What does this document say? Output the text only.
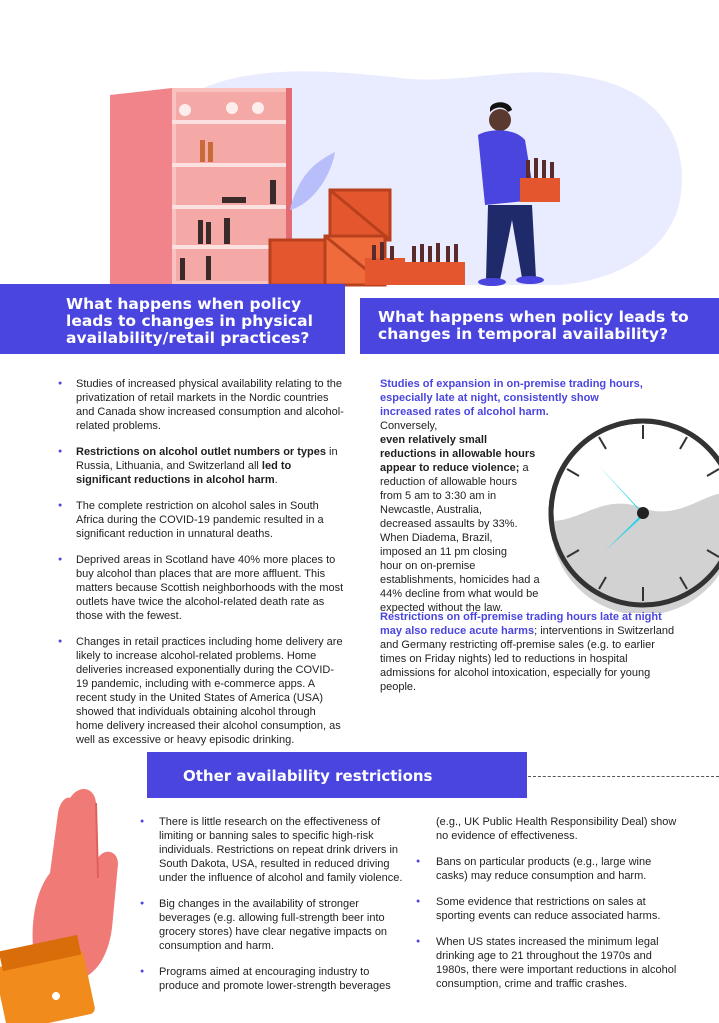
What happens when policy leads to changes in physical availability/retail practices?
What happens when policy leads to changes in temporal availability?
● Studies of increased physical availability relating to the privatization of retail markets in the Nordic countries and Canada show increased consumption and alcohol-related problems.
● Restrictions on alcohol outlet numbers or types in Russia, Lithuania, and Switzerland all led to significant reductions in alcohol harm.
● The complete restriction on alcohol sales in South Africa during the COVID-19 pandemic resulted in a significant reduction in unnatural deaths.
● Deprived areas in Scotland have 40% more places to buy alcohol than places that are more affluent. This matters because Scottish neighborhoods with the most outlets have twice the alcohol-related death rate as those with the fewest.
● Changes in retail practices including home delivery are likely to increase alcohol-related problems. Home deliveries increased exponentially during the COVID-19 pandemic, including with e-commerce apps. A recent study in the United States of America (USA) showed that individuals obtaining alcohol through home delivery increased their alcohol consumption, as well as excessive or heavy episodic drinking.
Studies of expansion in on-premise trading hours, especially late at night, consistently show increased rates of alcohol harm.
Conversely,
even relatively small
reductions in allowable hours
appear to reduce violence; a
reduction of allowable hours
from 5 am to 3:30 am in
Newcastle, Australia,
decreased assaults by 33%.
When Diadema, Brazil,
imposed an 11 pm closing
hour on on-premise
establishments, homicides had a
44% decline from what would be
expected without the law.
Restrictions on off-premise trading hours late at night may also reduce acute harms; interventions in Switzerland and Germany restricting off-premise sales (e.g. to earlier times on Friday nights) led to reductions in hospital admissions for alcohol intoxication, especially for young people.
Other availability restrictions
● There is little research on the effectiveness of limiting or banning sales to specific high-risk individuals. Restrictions on repeat drink drivers in South Dakota, USA, resulted in reduced driving under the influence of alcohol and family violence.
● Big changes in the availability of stronger beverages (e.g. allowing full-strength beer into grocery stores) have clear negative impacts on consumption and harm.
● Programs aimed at encouraging industry to produce and promote lower-strength beverages
(e.g., UK Public Health Responsibility Deal) show no evidence of effectiveness.
● Bans on particular products (e.g., large wine casks) may reduce consumption and harm.
● Some evidence that restrictions on sales at sporting events can reduce associated harms.
● When US states increased the minimum legal drinking age to 21 throughout the 1970s and 1980s, there were important reductions in alcohol consumption, crime and traffic crashes.
